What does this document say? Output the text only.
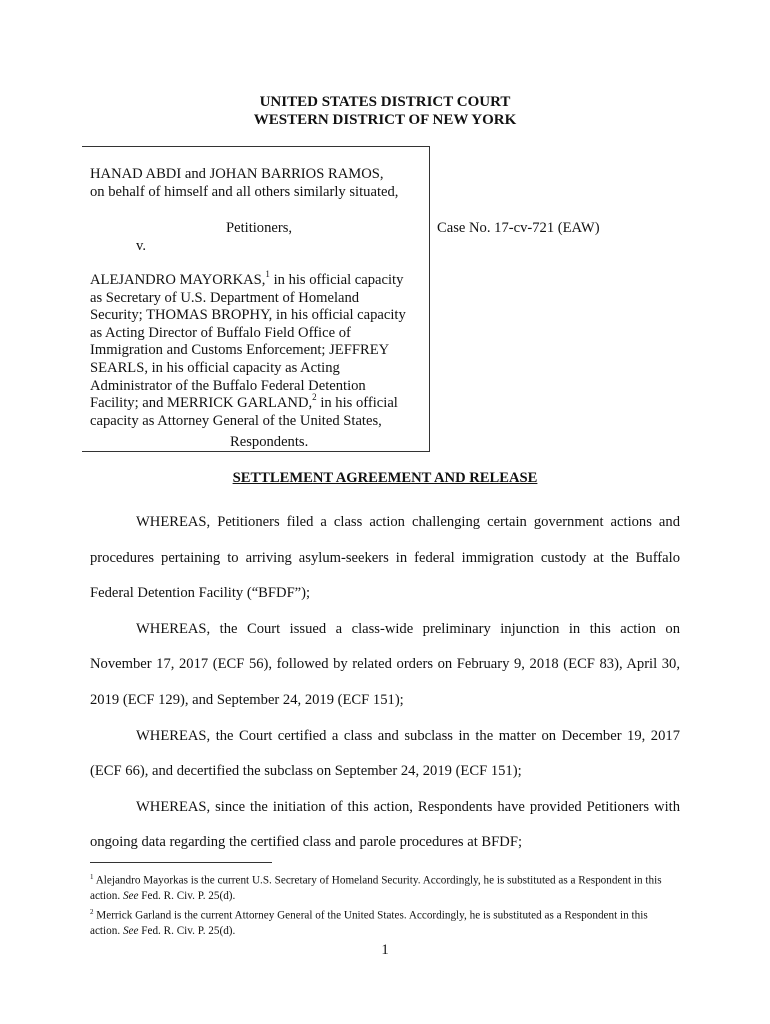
UNITED STATES DISTRICT COURT
WESTERN DISTRICT OF NEW YORK
HANAD ABDI and JOHAN BARRIOS RAMOS,
on behalf of himself and all others similarly situated,
Petitioners,
v.
ALEJANDRO MAYORKAS,$^1$ in his official capacity
as Secretary of U.S. Department of Homeland
Security; THOMAS BROPHY, in his official capacity
as Acting Director of Buffalo Field Office of
Immigration and Customs Enforcement; JEFFREY
SEARLS, in his official capacity as Acting
Administrator of the Buffalo Federal Detention
Facility; and MERRICK GARLAND,$^2$ in his official
capacity as Attorney General of the United States,
Respondents.
Case No. 17-cv-721 (EAW)
SETTLEMENT AGREEMENT AND RELEASE

WHEREAS, Petitioners filed a class action challenging certain government actions and procedures pertaining to arriving asylum-seekers in federal immigration custody at the Buffalo Federal Detention Facility (“BFDF”);

WHEREAS, the Court issued a class-wide preliminary injunction in this action on November 17, 2017 (ECF 56), followed by related orders on February 9, 2018 (ECF 83), April 30, 2019 (ECF 129), and September 24, 2019 (ECF 151);

WHEREAS, the Court certified a class and subclass in the matter on December 19, 2017 (ECF 66), and decertified the subclass on September 24, 2019 (ECF 151);

WHEREAS, since the initiation of this action, Respondents have provided Petitioners with ongoing data regarding the certified class and parole procedures at BFDF;

$^1$ Alejandro Mayorkas is the current U.S. Secretary of Homeland Security. Accordingly, he is substituted as a Respondent in this action. See Fed. R. Civ. P. 25(d).

$^2$ Merrick Garland is the current Attorney General of the United States. Accordingly, he is substituted as a Respondent in this action. See Fed. R. Civ. P. 25(d).

1
